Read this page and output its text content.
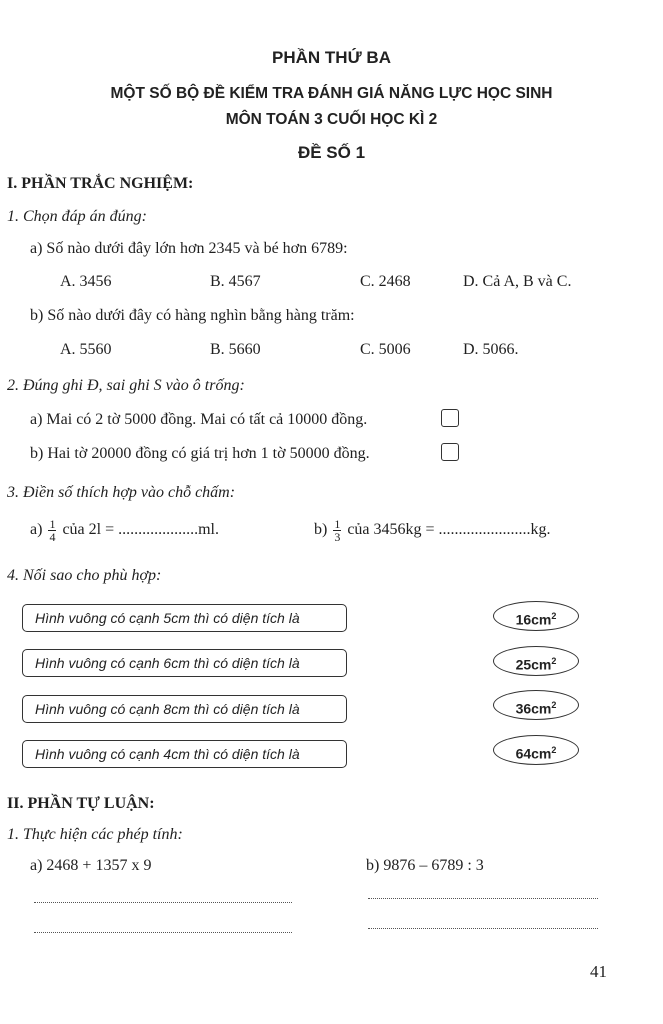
PHẦN THỨ BA
MỘT SỐ BỘ ĐỀ KIỂM TRA ĐÁNH GIÁ NĂNG LỰC HỌC SINH
MÔN TOÁN 3 CUỐI HỌC KÌ 2
ĐỀ SỐ 1
I. PHẦN TRẮC NGHIỆM:
1. Chọn đáp án đúng:
a) Số nào dưới đây lớn hơn 2345 và bé hơn 6789:
A. 3456	B. 4567	C. 2468	D. Cả A, B và C.
b) Số nào dưới đây có hàng nghìn bằng hàng trăm:
A. 5560	B. 5660	C. 5006	D. 5066.
2. Đúng ghi Đ, sai ghi S vào ô trống:
a) Mai có 2 tờ 5000 đồng. Mai có tất cả 10000 đồng.
b) Hai tờ 20000 đồng có giá trị hơn 1 tờ 50000 đồng.
3. Điền số thích hợp vào chỗ chấm:
$a) \frac{1}{4}$ của 2l = ....................ml.	$b) \frac{1}{3}$ của 3456kg = .......................kg.
4. Nối sao cho phù hợp:
Hình vuông có cạnh 5cm thì có diện tích là
Hình vuông có cạnh 6cm thì có diện tích là
Hình vuông có cạnh 8cm thì có diện tích là
Hình vuông có cạnh 4cm thì có diện tích là
$16cm^2$
$25cm^2$
$36cm^2$
$64cm^2$
II. PHẦN TỰ LUẬN:
1. Thực hiện các phép tính:
a) 2468 + 1357 x 9	b) 9876 – 6789 : 3
41
